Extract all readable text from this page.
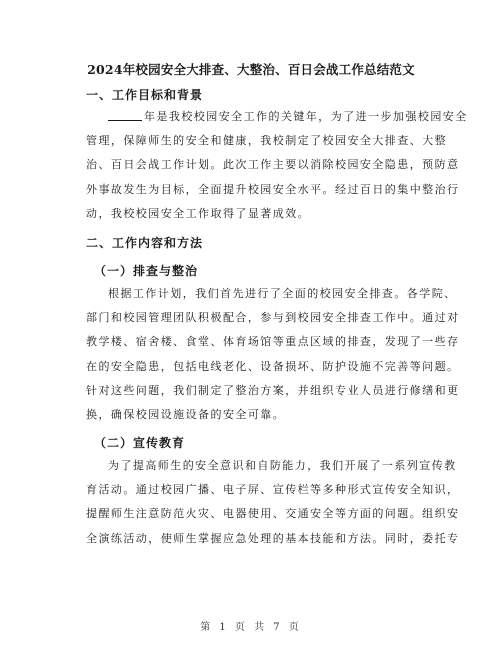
2024年校园安全大排查、大整治、百日会战工作总结范文
一、工作目标和背景
年是我校校园安全工作的关键年，为了进一步加强校园安全
管理，保障师生的安全和健康，我校制定了校园安全大排查、大整
治、百日会战工作计划。此次工作主要以消除校园安全隐患，预防意
外事故发生为目标，全面提升校园安全水平。经过百日的集中整治行
动，我校校园安全工作取得了显著成效。
二、工作内容和方法
（一）排查与整治
根据工作计划，我们首先进行了全面的校园安全排查。各学院、
部门和校园管理团队积极配合，参与到校园安全排查工作中。通过对
教学楼、宿舍楼、食堂、体育场馆等重点区域的排查，发现了一些存
在的安全隐患，包括电线老化、设备损坏、防护设施不完善等问题。
针对这些问题，我们制定了整治方案，并组织专业人员进行修缮和更
换，确保校园设施设备的安全可靠。
（二）宣传教育
为了提高师生的安全意识和自防能力，我们开展了一系列宣传教
育活动。通过校园广播、电子屏、宣传栏等多种形式宣传安全知识，
提醒师生注意防范火灾、电器使用、交通安全等方面的问题。组织安
全演练活动，使师生掌握应急处理的基本技能和方法。同时，委托专
第 1 页 共 7 页
